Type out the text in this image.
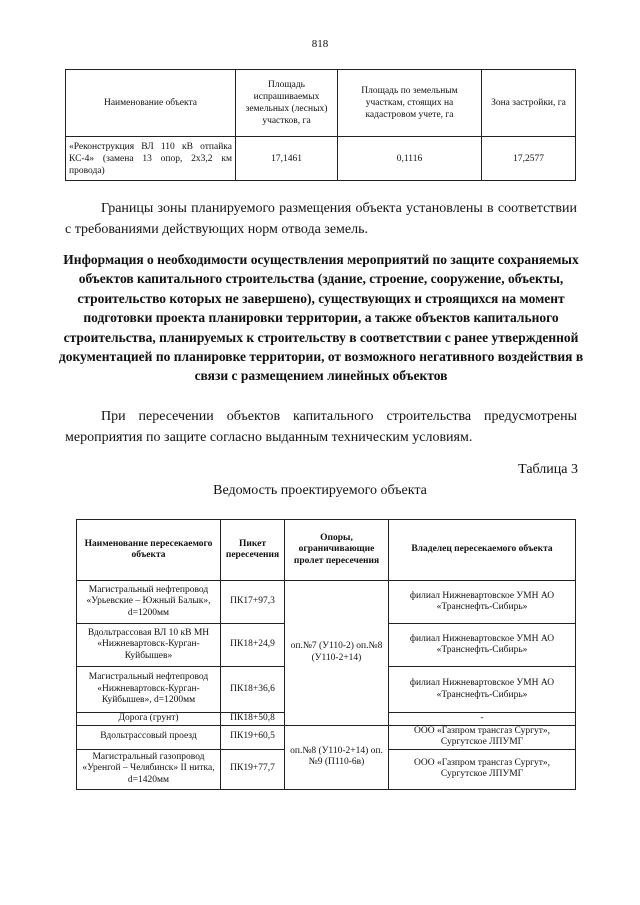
818
Наименование объекта	Площадь испрашиваемых земельных (лесных) участков, га	Площадь по земельным участкам, стоящих на кадастровом учете, га	Зона застройки, га
«Реконструкция ВЛ 110 кВ отпайка КС-4» (замена 13 опор, 2х3,2 км провода)	17,1461	0,1116	17,2577

Границы зоны планируемого размещения объекта установлены в соответствии с требованиями действующих норм отвода земель.

Информация о необходимости осуществления мероприятий по защите сохраняемых объектов капитального строительства (здание, строение, сооружение, объекты, строительство которых не завершено), существующих и строящихся на момент подготовки проекта планировки территории, а также объектов капитального строительства, планируемых к строительству в соответствии с ранее утвержденной документацией по планировке территории, от возможного негативного воздействия в связи с размещением линейных объектов

При пересечении объектов капитального строительства предусмотрены мероприятия по защите согласно выданным техническим условиям.

Таблица 3
Ведомость проектируемого объекта
Наименование пересекаемого объекта	Пикет пересечения	Опоры, ограничивающие пролет пересечения	Владелец пересекаемого объекта
Магистральный нефтепровод «Урьевские – Южный Балык», d=1200мм	ПК17+97,3	оп.№7 (У110-2) оп.№8 (У110-2+14)	филиал Нижневартовское УМН АО «Транснефть-Сибирь»
Вдольтрассовая ВЛ 10 кВ МН «Нижневартовск-Курган-Куйбышев»	ПК18+24,9		филиал Нижневартовское УМН АО «Транснефть-Сибирь»
Магистральный нефтепровод «Нижневартовск-Курган-Куйбышев», d=1200мм	ПК18+36,6		филиал Нижневартовское УМН АО «Транснефть-Сибирь»
Дорога (грунт)	ПК18+50,8		-
Вдольтрассовый проезд	ПК19+60,5	оп.№8 (У110-2+14) оп.№9 (П110-6в)	ООО «Газпром трансгаз Сургут», Сургутское ЛПУМГ
Магистральный газопровод «Уренгой – Челябинск» II нитка, d=1420мм	ПК19+77,7		ООО «Газпром трансгаз Сургут», Сургутское ЛПУМГ
